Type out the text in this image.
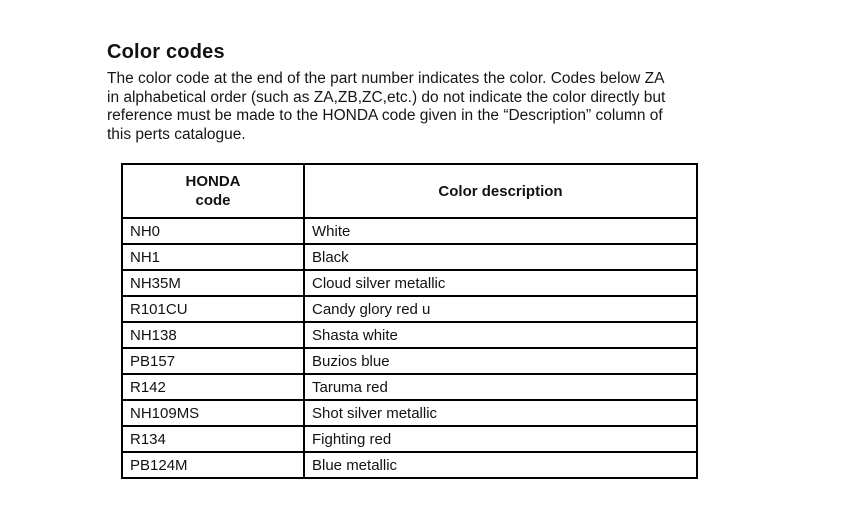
Color codes
The color code at the end of the part number indicates the color. Codes below ZA
in alphabetical order (such as ZA,ZB,ZC,etc.) do not indicate the color directly but
reference must be made to the HONDA code given in the “Description” column of
this perts catalogue.
HONDA
code	Color description
NH0	White
NH1	Black
NH35M	Cloud silver metallic
R101CU	Candy glory red u
NH138	Shasta white
PB157	Buzios blue
R142	Taruma red
NH109MS	Shot silver metallic
R134	Fighting red
PB124M	Blue metallic
